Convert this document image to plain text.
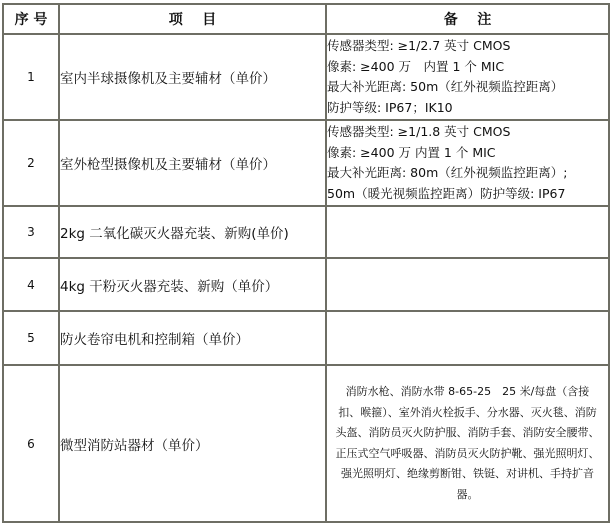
序 号	项    目	备    注
1	室内半球摄像机及主要辅材（单价）	传感器类型: ≥1/2.7 英寸 CMOS
像素: ≥400 万　内置 1 个 MIC
最大补光距离: 50m（红外视频监控距离）
防护等级: IP67；IK10

2	室外枪型摄像机及主要辅材（单价）	传感器类型: ≥1/1.8 英寸 CMOS
像素: ≥400 万 内置 1 个 MIC
最大补光距离: 80m（红外视频监控距离）;
50m（暖光视频监控距离）防护等级: IP67

3	2kg 二氧化碳灭火器充装、新购(单价)	
4	4kg 干粉灭火器充装、新购（单价）	
5	防火卷帘电机和控制箱（单价）	
6	微型消防站器材（单价）	消防水枪、消防水带 8-65-25　25 米/每盘（含接扣、喉箍）、室外消火栓扳手、分水器、灭火毯、消防头盔、消防员灭火防护服、消防手套、消防安全腰带、正压式空气呼吸器、消防员灭火防护靴、强光照明灯、强光照明灯、绝缘剪断钳、铁铤、对讲机、手持扩音器。
